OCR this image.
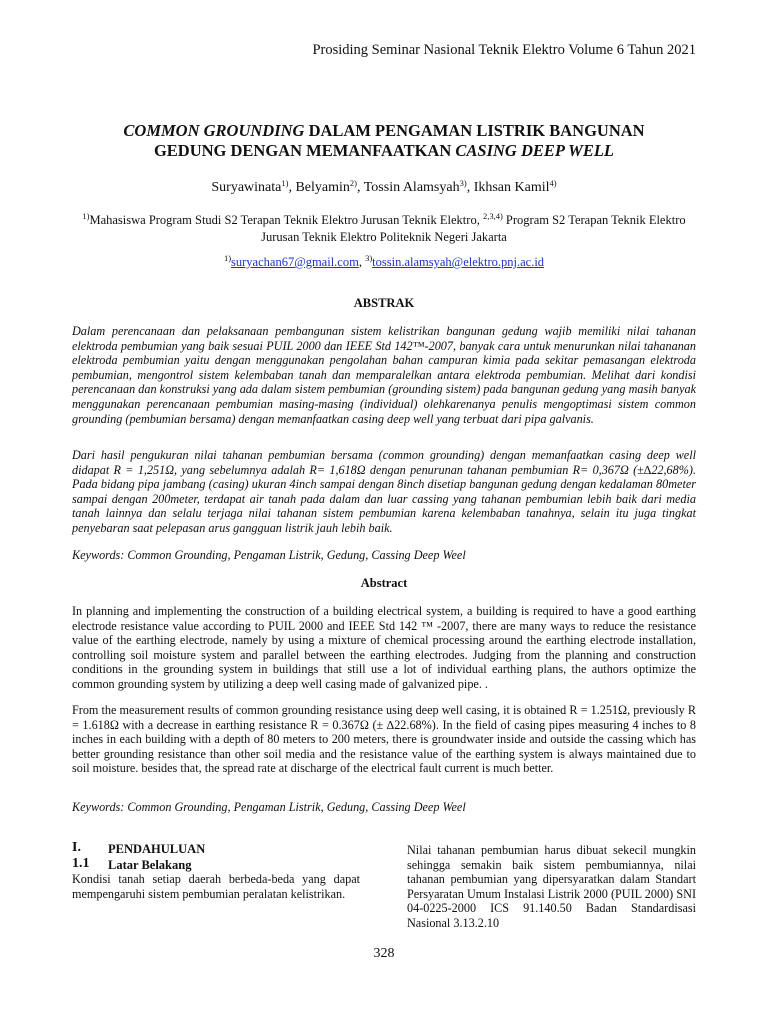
Prosiding Seminar Nasional Teknik Elektro Volume 6 Tahun 2021
COMMON GROUNDING DALAM PENGAMAN LISTRIK BANGUNAN
GEDUNG DENGAN MEMANFAATKAN CASING DEEP WELL
Suryawinata$^{1)}$, Belyamin$^{2)}$, Tossin Alamsyah$^{3)}$, Ikhsan Kamil$^{4)}$
$^{1)}$Mahasiswa Program Studi S2 Terapan Teknik Elektro Jurusan Teknik Elektro, $^{2,3,4)}$ Program S2 Terapan Teknik Elektro Jurusan Teknik Elektro Politeknik Negeri Jakarta
$^{1)}$suryachan67@gmail.com, $^{3)}$tossin.alamsyah@elektro.pnj.ac.id
ABSTRAK

Dalam perencanaan dan pelaksanaan pembangunan sistem kelistrikan bangunan gedung wajib memiliki nilai tahanan elektroda pembumian yang baik sesuai PUIL 2000 dan IEEE Std 142™-2007, banyak cara untuk menurunkan nilai tahananan elektroda pembumian yaitu dengan menggunakan pengolahan bahan campuran kimia pada sekitar pemasangan elektroda pembumian, mengontrol sistem kelembaban tanah dan memparalelkan antara elektroda pembumian. Melihat dari kondisi perencanaan dan konstruksi yang ada dalam sistem pembumian (grounding sistem) pada bangunan gedung yang masih banyak menggunakan perencanaan pembumian masing-masing (individual) olehkarenanya penulis mengoptimasi sistem common grounding (pembumian bersama) dengan memanfaatkan casing deep well yang terbuat dari pipa galvanis.

Dari hasil pengukuran nilai tahanan pembumian bersama (common grounding) dengan memanfaatkan casing deep well didapat R = 1,251Ω, yang sebelumnya adalah R= 1,618Ω dengan penurunan tahanan pembumian R= 0,367Ω (±∆22,68%). Pada bidang pipa jambang (casing) ukuran 4inch sampai dengan 8inch disetiap bangunan gedung dengan kedalaman 80meter sampai dengan 200meter, terdapat air tanah pada dalam dan luar cassing yang tahanan pembumian lebih baik dari media tanah lainnya dan selalu terjaga nilai tahanan sistem pembumian karena kelembaban tanahnya, selain itu juga tingkat penyebaran saat pelepasan arus gangguan listrik jauh lebih baik.

Keywords: Common Grounding, Pengaman Listrik, Gedung, Cassing Deep Weel

Abstract

In planning and implementing the construction of a building electrical system, a building is required to have a good earthing electrode resistance value according to PUIL 2000 and IEEE Std 142 ™ -2007, there are many ways to reduce the resistance value of the earthing electrode, namely by using a mixture of chemical processing around the earthing electrode installation, controlling soil moisture system and parallel between the earthing electrodes. Judging from the planning and construction conditions in the grounding system in buildings that still use a lot of individual earthing plans, the authors optimize the common grounding system by utilizing a deep well casing made of galvanized pipe. .

From the measurement results of common grounding resistance using deep well casing, it is obtained R = 1.251Ω, previously R = 1.618Ω with a decrease in earthing resistance R = 0.367Ω (± ∆22.68%). In the field of casing pipes measuring 4 inches to 8 inches in each building with a depth of 80 meters to 200 meters, there is groundwater inside and outside the cassing which has better grounding resistance than other soil media and the resistance value of the earthing system is always maintained due to soil moisture. besides that, the spread rate at discharge of the electrical fault current is much better.

Keywords: Common Grounding, Pengaman Listrik, Gedung, Cassing Deep Weel

I. PENDAHULUAN
1.1 Latar Belakang

Kondisi tanah setiap daerah berbeda-beda yang dapat mempengaruhi sistem pembumian peralatan kelistrikan.

Nilai tahanan pembumian harus dibuat sekecil mungkin sehingga semakin baik sistem pembumiannya, nilai tahanan pembumian yang dipersyaratkan dalam Standart Persyaratan Umum Instalasi Listrik 2000 (PUIL 2000) SNI 04-0225-2000 ICS 91.140.50 Badan Standardisasi Nasional 3.13.2.10

328
